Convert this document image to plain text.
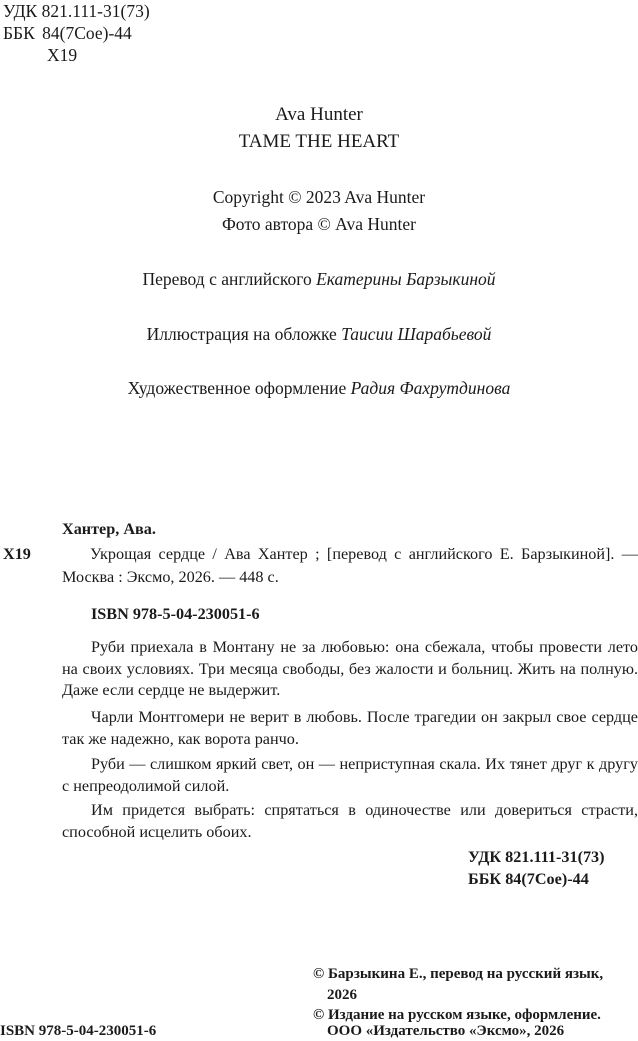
УДК 821.111-31(73)
ББК 84(7Сое)-44
Х19
Ava Hunter
TAME THE HEART
Copyright © 2023 Ava Hunter
Фото автора © Ava Hunter
Перевод с английского Екатерины Барзыкиной
Иллюстрация на обложке Таисии Шарабьевой
Художественное оформление Радия Фахрутдинова
Хантер, Ава.
Х19	Укрощая сердце / Ава Хантер ; [перевод с английского Е. Барзыкиной]. — Москва : Эксмо, 2026. — 448 с.
ISBN 978-5-04-230051-6
Руби приехала в Монтану не за любовью: она сбежала, чтобы провести лето на своих условиях. Три месяца свободы, без жалости и больниц. Жить на полную. Даже если сердце не выдержит.
Чарли Монтгомери не верит в любовь. После трагедии он закрыл свое сердце так же надежно, как ворота ранчо.
Руби — слишком яркий свет, он — неприступная скала. Их тянет друг к другу с непреодолимой силой.
Им придется выбрать: спрятаться в одиночестве или довериться страсти, способной исцелить обоих.
УДК 821.111-31(73)
ББК 84(7Сое)-44
© Барзыкина Е., перевод на русский язык,
2026
© Издание на русском языке, оформление.
ISBN 978-5-04-230051-6	ООО «Издательство «Эксмо», 2026
